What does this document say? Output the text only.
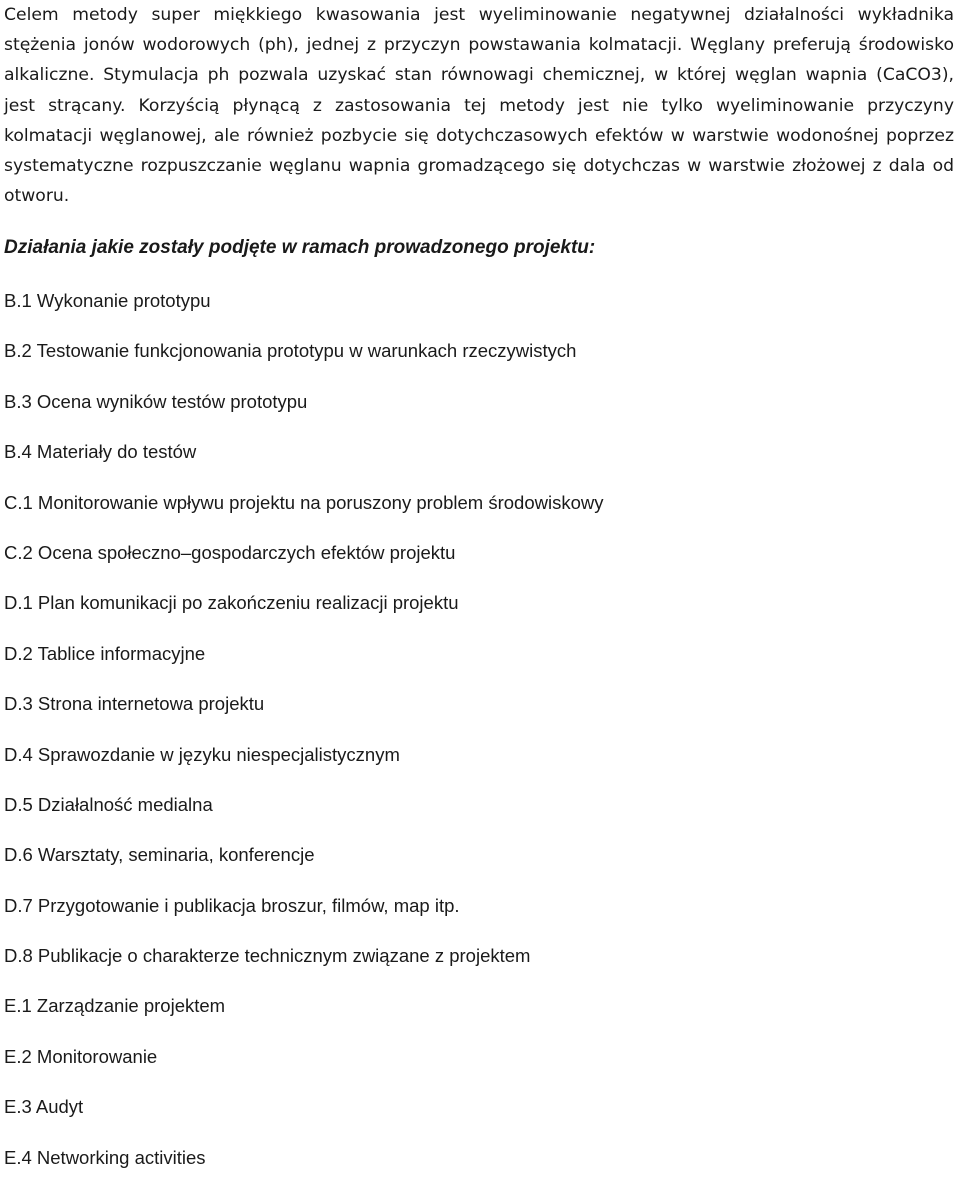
Celem metody super miękkiego kwasowania jest wyeliminowanie negatywnej działalności wykładnika
stężenia jonów wodorowych (ph), jednej z przyczyn powstawania kolmatacji. Węglany preferują środowisko
alkaliczne. Stymulacja ph pozwala uzyskać stan równowagi chemicznej, w której węglan wapnia (CaCO3),
jest strącany. Korzyścią płynącą z zastosowania tej metody jest nie tylko wyeliminowanie przyczyny
kolmatacji węglanowej, ale również pozbycie się dotychczasowych efektów w warstwie wodonośnej poprzez
systematyczne rozpuszczanie węglanu wapnia gromadzącego się dotychczas w warstwie złożowej z dala od
otworu.

Działania jakie zostały podjęte w ramach prowadzonego projektu:
B.1 Wykonanie prototypu
B.2 Testowanie funkcjonowania prototypu w warunkach rzeczywistych
B.3 Ocena wyników testów prototypu
B.4 Materiały do testów
C.1 Monitorowanie wpływu projektu na poruszony problem środowiskowy
C.2 Ocena społeczno–gospodarczych efektów projektu
D.1 Plan komunikacji po zakończeniu realizacji projektu
D.2 Tablice informacyjne
D.3 Strona internetowa projektu
D.4 Sprawozdanie w języku niespecjalistycznym
D.5 Działalność medialna
D.6 Warsztaty, seminaria, konferencje
D.7 Przygotowanie i publikacja broszur, filmów, map itp.
D.8 Publikacje o charakterze technicznym związane z projektem
E.1 Zarządzanie projektem
E.2 Monitorowanie
E.3 Audyt
E.4 Networking activities
